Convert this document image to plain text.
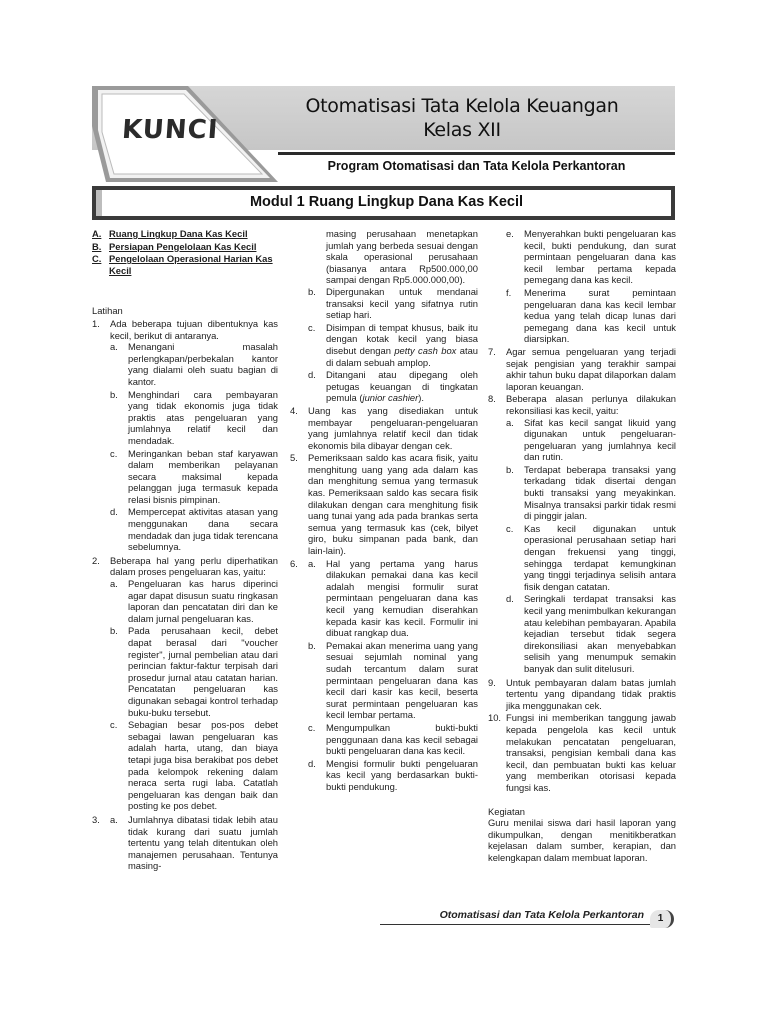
KUNCI
Otomatisasi Tata Kelola Keuangan
Kelas XII
Program Otomatisasi dan Tata Kelola Perkantoran
Modul 1 Ruang Lingkup Dana Kas Kecil
A. Ruang Lingkup Dana Kas Kecil
B. Persiapan Pengelolaan Kas Kecil
C. Pengelolaan Operasional Harian Kas Kecil
Latihan
1.	Ada beberapa tujuan dibentuknya kas kecil, berikut di antaranya.

a.	Menangani masalah perlengkapan/perbekalan kantor yang dialami oleh suatu bagian di kantor.
b.	Menghindari cara pembayaran yang tidak ekonomis juga tidak praktis atas pengeluaran yang jumlahnya relatif kecil dan mendadak.
c.	Meringankan beban staf karyawan dalam memberikan pelayanan secara maksimal kepada pelanggan juga termasuk kepada relasi bisnis pimpinan.
d.	Mempercepat aktivitas atasan yang menggunakan dana secara mendadak dan juga tidak terencana sebelumnya.
2.	Beberapa hal yang perlu diperhatikan dalam proses pengeluaran kas, yaitu:

a.	Pengeluaran kas harus diperinci agar dapat disusun suatu ringkasan laporan dan pencatatan diri dan ke dalam jurnal pengeluaran kas.
b.	Pada perusahaan kecil, debet dapat berasal dari "voucher register", jurnal pembelian atau dari perincian faktur-faktur terpisah dari prosedur jurnal atau catatan harian. Pencatatan pengeluaran kas digunakan sebagai kontrol terhadap buku-buku tersebut.
c.	Sebagian besar pos-pos debet sebagai lawan pengeluaran kas adalah harta, utang, dan biaya tetapi juga bisa berakibat pos debet pada kelompok rekening dalam neraca serta rugi laba. Catatlah pengeluaran kas dengan baik dan posting ke pos debet.
3.	a.	Jumlahnya dibatasi tidak lebih atau tidak kurang dari suatu jumlah tertentu yang telah ditentukan oleh manajemen perusahaan. Tentunya masing-
masing perusahaan menetapkan jumlah yang berbeda sesuai dengan skala operasional perusahaan (biasanya antara Rp500.000,00 sampai dengan Rp5.000.000,00).
b.	Dipergunakan untuk mendanai transaksi kecil yang sifatnya rutin setiap hari.
c.	Disimpan di tempat khusus, baik itu dengan kotak kecil yang biasa disebut dengan petty cash box atau di dalam sebuah amplop.
d.	Ditangani atau dipegang oleh petugas keuangan di tingkatan pemula (junior cashier).
4.	Uang kas yang disediakan untuk membayar pengeluaran-pengeluaran yang jumlahnya relatif kecil dan tidak ekonomis bila dibayar dengan cek.

5.	Pemeriksaan saldo kas acara fisik, yaitu menghitung uang yang ada dalam kas dan menghitung semua yang termasuk kas. Pemeriksaan saldo kas secara fisik dilakukan dengan cara menghitung fisik uang tunai yang ada pada brankas serta semua yang termasuk kas (cek, bilyet giro, buku simpanan pada bank, dan lain-lain).

6.	a.	Hal yang pertama yang harus dilakukan pemakai dana kas kecil adalah mengisi formulir surat permintaan pengeluaran dana kas kecil yang kemudian diserahkan kepada kasir kas kecil. Formulir ini dibuat rangkap dua.
b.	Pemakai akan menerima uang yang sesuai sejumlah nominal yang sudah tercantum dalam surat permintaan pengeluaran dana kas kecil dari kasir kas kecil, beserta surat permintaan pengeluaran kas kecil lembar pertama.
c.	Mengumpulkan bukti-bukti penggunaan dana kas kecil sebagai bukti pengeluaran dana kas kecil.
d.	Mengisi formulir bukti pengeluaran kas kecil yang berdasarkan bukti-bukti pendukung.
e.	Menyerahkan bukti pengeluaran kas kecil, bukti pendukung, dan surat permintaan pengeluaran dana kas kecil lembar pertama kepada pemegang dana kas kecil.
f.	Menerima surat pemintaan pengeluaran dana kas kecil lembar kedua yang telah dicap lunas dari pemegang dana kas kecil untuk diarsipkan.
7.	Agar semua pengeluaran yang terjadi sejak pengisian yang terakhir sampai akhir tahun buku dapat dilaporkan dalam laporan keuangan.

8.	Beberapa alasan perlunya dilakukan rekonsiliasi kas kecil, yaitu:

a.	Sifat kas kecil sangat likuid yang digunakan untuk pengeluaran-pengeluaran yang jumlahnya kecil dan rutin.
b.	Terdapat beberapa transaksi yang terkadang tidak disertai dengan bukti transaksi yang meyakinkan. Misalnya transaksi parkir tidak resmi di pinggir jalan.
c.	Kas kecil digunakan untuk operasional perusahaan setiap hari dengan frekuensi yang tinggi, sehingga terdapat kemungkinan yang tinggi terjadinya selisih antara fisik dengan catatan.
d.	Seringkali terdapat transaksi kas kecil yang menimbulkan kekurangan atau kelebihan pembayaran. Apabila kejadian tersebut tidak segera direkonsiliasi akan menyebabkan selisih yang menumpuk semakin banyak dan sulit ditelusuri.
9.	Untuk pembayaran dalam batas jumlah tertentu yang dipandang tidak praktis jika menggunakan cek.

10. Fungsi ini memberikan tanggung jawab kepada pengelola kas kecil untuk melakukan pencatatan pengeluaran, transaksi, pengisian kembali dana kas kecil, dan pembuatan bukti kas keluar yang memberikan otorisasi kepada fungsi kas.

Kegiatan

Guru menilai siswa dari hasil laporan yang dikumpulkan, dengan menitikberatkan kejelasan dalam sumber, kerapian, dan kelengkapan dalam membuat laporan.

Otomatisasi dan Tata Kelola Perkantoran	1
